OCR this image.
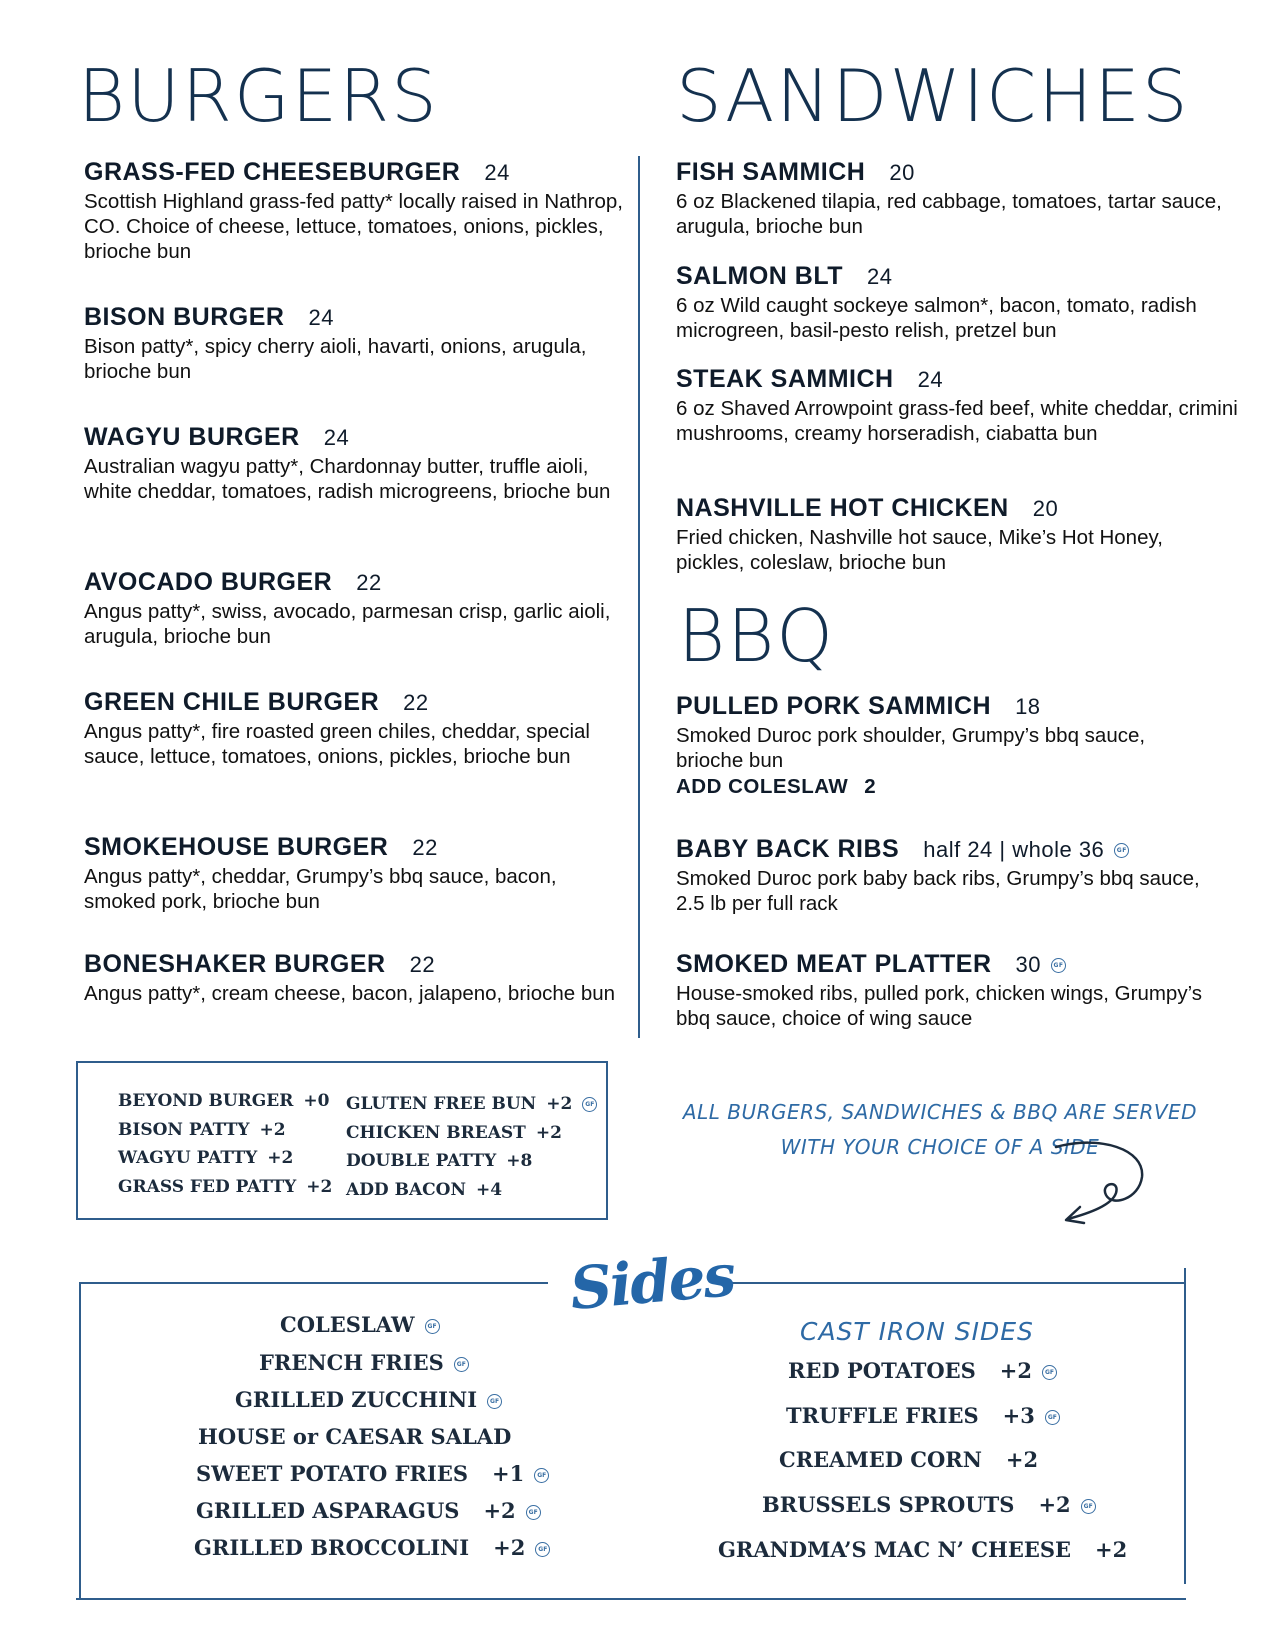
BURGERS	SANDWICHES
BBQ
GRASS-FED CHEESEBURGER 24
Scottish Highland grass-fed patty* locally raised in Nathrop, CO. Choice of cheese, lettuce, tomatoes, onions, pickles, brioche bun
BISON BURGER 24
Bison patty*, spicy cherry aioli, havarti, onions, arugula, brioche bun
WAGYU BURGER 24
Australian wagyu patty*, Chardonnay butter, truffle aioli, white cheddar, tomatoes, radish microgreens, brioche bun
AVOCADO BURGER 22
Angus patty*, swiss, avocado, parmesan crisp, garlic aioli, arugula, brioche bun
GREEN CHILE BURGER 22
Angus patty*, fire roasted green chiles, cheddar, special sauce, lettuce, tomatoes, onions, pickles, brioche bun
SMOKEHOUSE BURGER 22
Angus patty*, cheddar, Grumpy’s bbq sauce, bacon, smoked pork, brioche bun
BONESHAKER BURGER 22
Angus patty*, cream cheese, bacon, jalapeno, brioche bun
FISH SAMMICH 20
6 oz Blackened tilapia, red cabbage, tomatoes, tartar sauce, arugula, brioche bun
SALMON BLT 24
6 oz Wild caught sockeye salmon*, bacon, tomato, radish microgreen, basil-pesto relish, pretzel bun
STEAK SAMMICH 24
6 oz Shaved Arrowpoint grass-fed beef, white cheddar, crimini mushrooms, creamy horseradish, ciabatta bun
NASHVILLE HOT CHICKEN 20
Fried chicken, Nashville hot sauce, Mike’s Hot Honey, pickles, coleslaw, brioche bun
PULLED PORK SAMMICH 18
Smoked Duroc pork shoulder, Grumpy’s bbq sauce, brioche bun
ADD COLESLAW 2
BABY BACK RIBS half 24 | whole 36 GF
Smoked Duroc pork baby back ribs, Grumpy’s bbq sauce, 2.5 lb per full rack
SMOKED MEAT PLATTER 30 GF
House-smoked ribs, pulled pork, chicken wings, Grumpy’s bbq sauce, choice of wing sauce
BEYOND BURGER +0
BISON PATTY +2
WAGYU PATTY +2
GRASS FED PATTY +2
GLUTEN FREE BUN +2 GF
CHICKEN BREAST +2
DOUBLE PATTY +8
ADD BACON +4
ALL BURGERS, SANDWICHES & BBQ ARE SERVED
WITH YOUR CHOICE OF A SIDE
Sides
COLESLAW GF
FRENCH FRIES GF
GRILLED ZUCCHINI GF
HOUSE or CAESAR SALAD
SWEET POTATO FRIES +1 GF
GRILLED ASPARAGUS +2 GF
GRILLED BROCCOLINI +2 GF
CAST IRON SIDES
RED POTATOES +2 GF
TRUFFLE FRIES +3 GF
CREAMED CORN +2
BRUSSELS SPROUTS +2 GF
GRANDMA’S MAC N’ CHEESE +2
